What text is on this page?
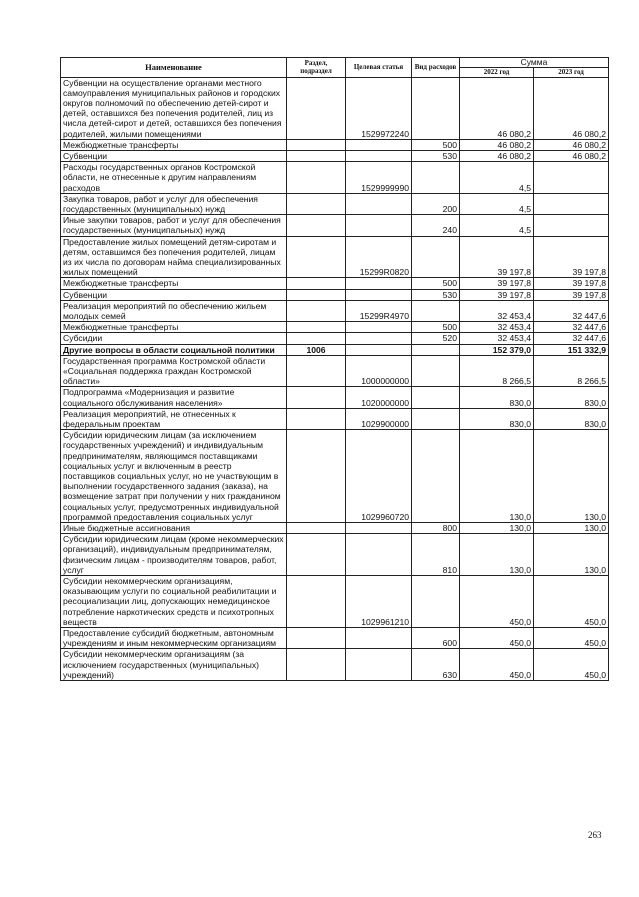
Наименование	Раздел, подраздел	Целевая статья	Вид расходов	Сумма	
				2022 год	2023 год
Субвенции на осуществление органами местного самоуправления муниципальных районов и городских округов полномочий по обеспечению детей-сирот и детей, оставшихся без попечения родителей, лиц из числа детей-сирот и детей, оставшихся без попечения родителей, жилыми помещениями		1529972240		46 080,2	46 080,2
Межбюджетные трансферты			500	46 080,2	46 080,2
Субвенции			530	46 080,2	46 080,2
Расходы государственных органов Костромской области, не отнесенные к другим направлениям расходов		1529999990		4,5	
Закупка товаров, работ и услуг для обеспечения государственных (муниципальных) нужд			200	4,5	
Иные закупки товаров, работ и услуг для обеспечения государственных (муниципальных) нужд			240	4,5	
Предоставление жилых помещений детям-сиротам и детям, оставшимся без попечения родителей, лицам из их числа по договорам найма специализированных жилых помещений		15299R0820		39 197,8	39 197,8
Межбюджетные трансферты			500	39 197,8	39 197,8
Субвенции			530	39 197,8	39 197,8
Реализация мероприятий по обеспечению жильем молодых семей		15299R4970		32 453,4	32 447,6
Межбюджетные трансферты			500	32 453,4	32 447,6
Субсидии			520	32 453,4	32 447,6
Другие вопросы в области социальной политики	1006			152 379,0	151 332,9
Государственная программа Костромской области «Социальная поддержка граждан Костромской области»		1000000000		8 266,5	8 266,5
Подпрограмма «Модернизация и развитие социального обслуживания населения»		1020000000		830,0	830,0
Реализация мероприятий, не отнесенных к федеральным проектам		1029900000		830,0	830,0
Субсидии юридическим лицам (за исключением государственных учреждений) и индивидуальным предпринимателям, являющимся поставщиками социальных услуг и включенным в реестр поставщиков социальных услуг, но не участвующим в выполнении государственного задания (заказа), на возмещение затрат при получении у них гражданином социальных услуг, предусмотренных индивидуальной программой предоставления социальных услуг		1029960720		130,0	130,0
Иные бюджетные ассигнования			800	130,0	130,0
Субсидии юридическим лицам (кроме некоммерческих организаций), индивидуальным предпринимателям, физическим лицам - производителям товаров, работ, услуг			810	130,0	130,0
Субсидии некоммерческим организациям, оказывающим услуги по социальной реабилитации и ресоциализации лиц, допускающих немедицинское потребление наркотических средств и психотропных веществ		1029961210		450,0	450,0
Предоставление субсидий бюджетным, автономным учреждениям и иным некоммерческим организациям			600	450,0	450,0
Субсидии некоммерческим организациям (за исключением государственных (муниципальных) учреждений)			630	450,0	450,0
263
